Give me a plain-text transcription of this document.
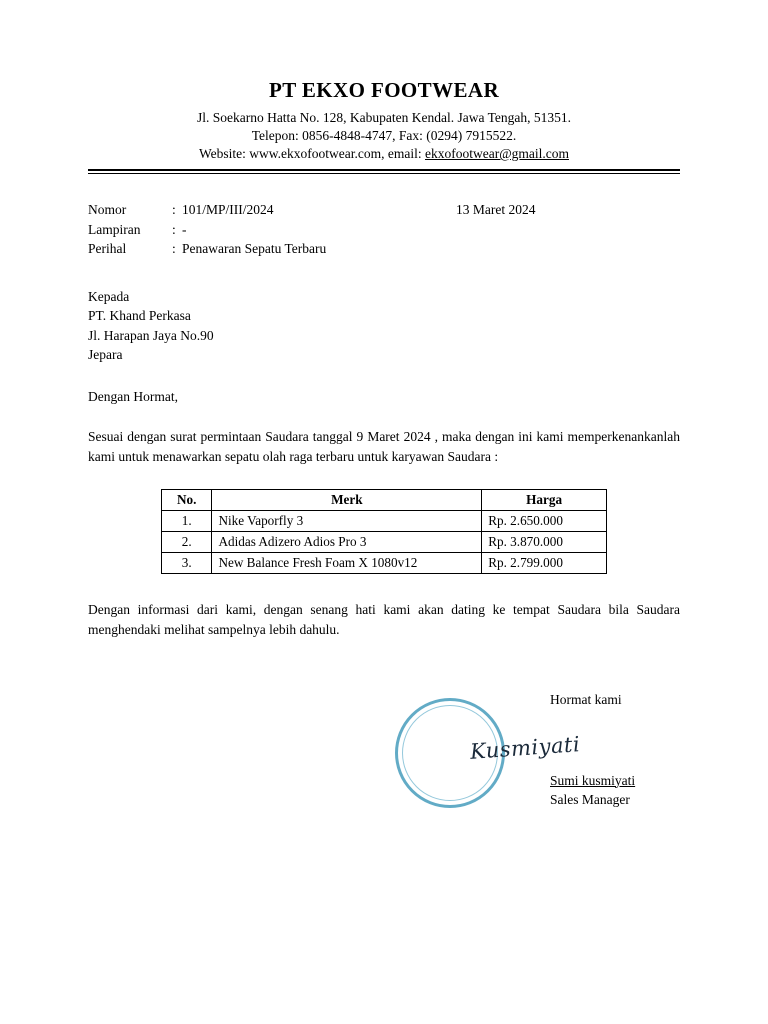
PT EKXO FOOTWEAR
Jl. Soekarno Hatta No. 128, Kabupaten Kendal. Jawa Tengah, 51351.
Telepon: 0856-4848-4747, Fax: (0294) 7915522.
Website: www.ekxofootwear.com, email: ekxofootwear@gmail.com
13 Maret 2024
Nomor	: 101/MP/III/2024
Lampiran	: -
Perihal	: Penawaran Sepatu Terbaru
Kepada
PT. Khand Perkasa
Jl. Harapan Jaya No.90
Jepara
Dengan Hormat,
Sesuai dengan surat permintaan Saudara tanggal 9 Maret 2024 , maka dengan ini kami memperkenankanlah kami untuk menawarkan sepatu olah raga terbaru untuk karyawan Saudara :
No.	Merk	Harga
1.	Nike Vaporfly 3	Rp. 2.650.000
2.	Adidas Adizero Adios Pro 3	Rp. 3.870.000
3.	New Balance Fresh Foam X 1080v12	Rp. 2.799.000
Dengan informasi dari kami, dengan senang hati kami akan dating ke tempat Saudara bila Saudara menghendaki melihat sampelnya lebih dahulu.
Kusmiyati
Hormat kami
Sumi kusmiyati
Sales Manager
